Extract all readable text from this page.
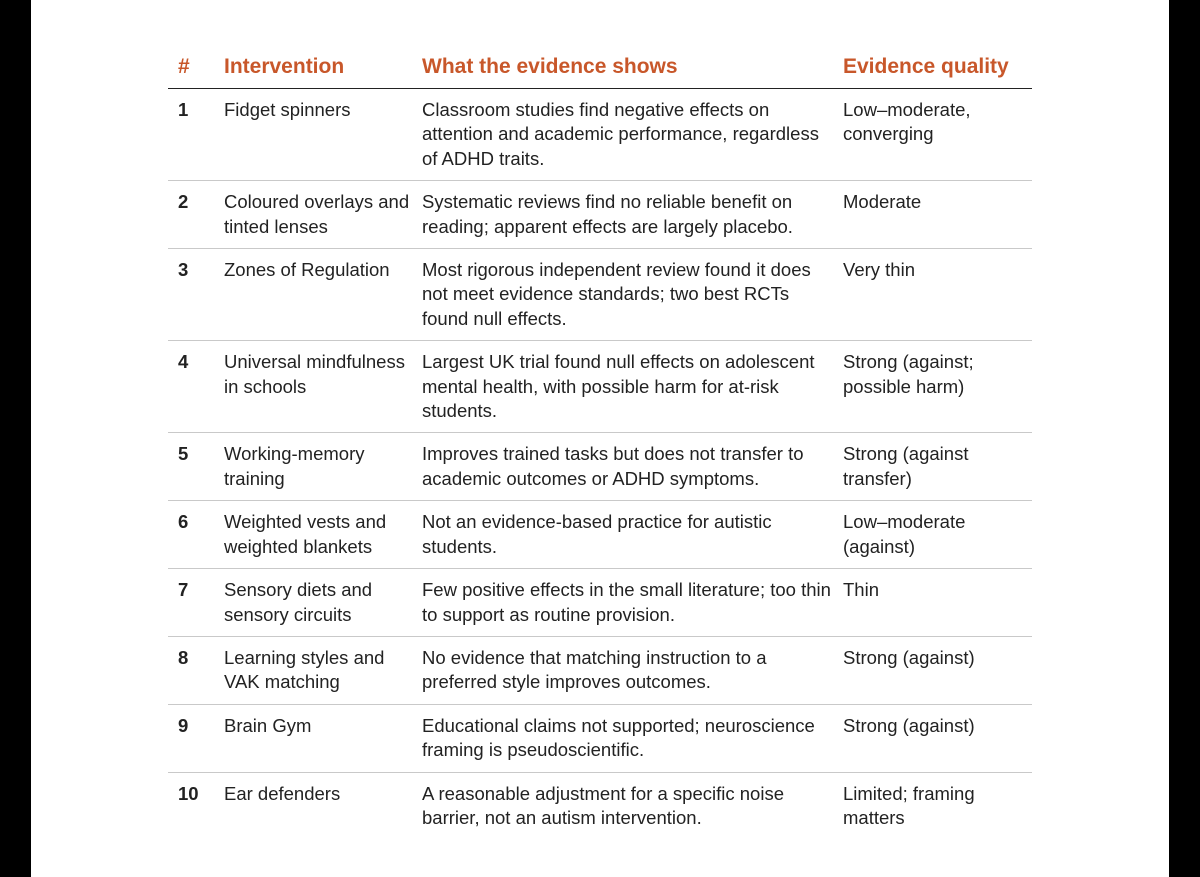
#	Intervention	What the evidence shows	Evidence quality
1	Fidget spinners	Classroom studies find negative effects on attention and academic performance, regardless of ADHD traits.	Low–moderate, converging
2	Coloured overlays and tinted lenses	Systematic reviews find no reliable benefit on reading; apparent effects are largely placebo.	Moderate
3	Zones of Regulation	Most rigorous independent review found it does not meet evidence standards; two best RCTs found null effects.	Very thin
4	Universal mindfulness in schools	Largest UK trial found null effects on adolescent mental health, with possible harm for at-risk students.	Strong (against; possible harm)
5	Working-memory training	Improves trained tasks but does not transfer to academic outcomes or ADHD symptoms.	Strong (against transfer)
6	Weighted vests and weighted blankets	Not an evidence-based practice for autistic students.	Low–moderate (against)
7	Sensory diets and sensory circuits	Few positive effects in the small literature; too thin to support as routine provision.	Thin
8	Learning styles and VAK matching	No evidence that matching instruction to a preferred style improves outcomes.	Strong (against)
9	Brain Gym	Educational claims not supported; neuroscience framing is pseudoscientific.	Strong (against)
10	Ear defenders	A reasonable adjustment for a specific noise barrier, not an autism intervention.	Limited; framing matters
